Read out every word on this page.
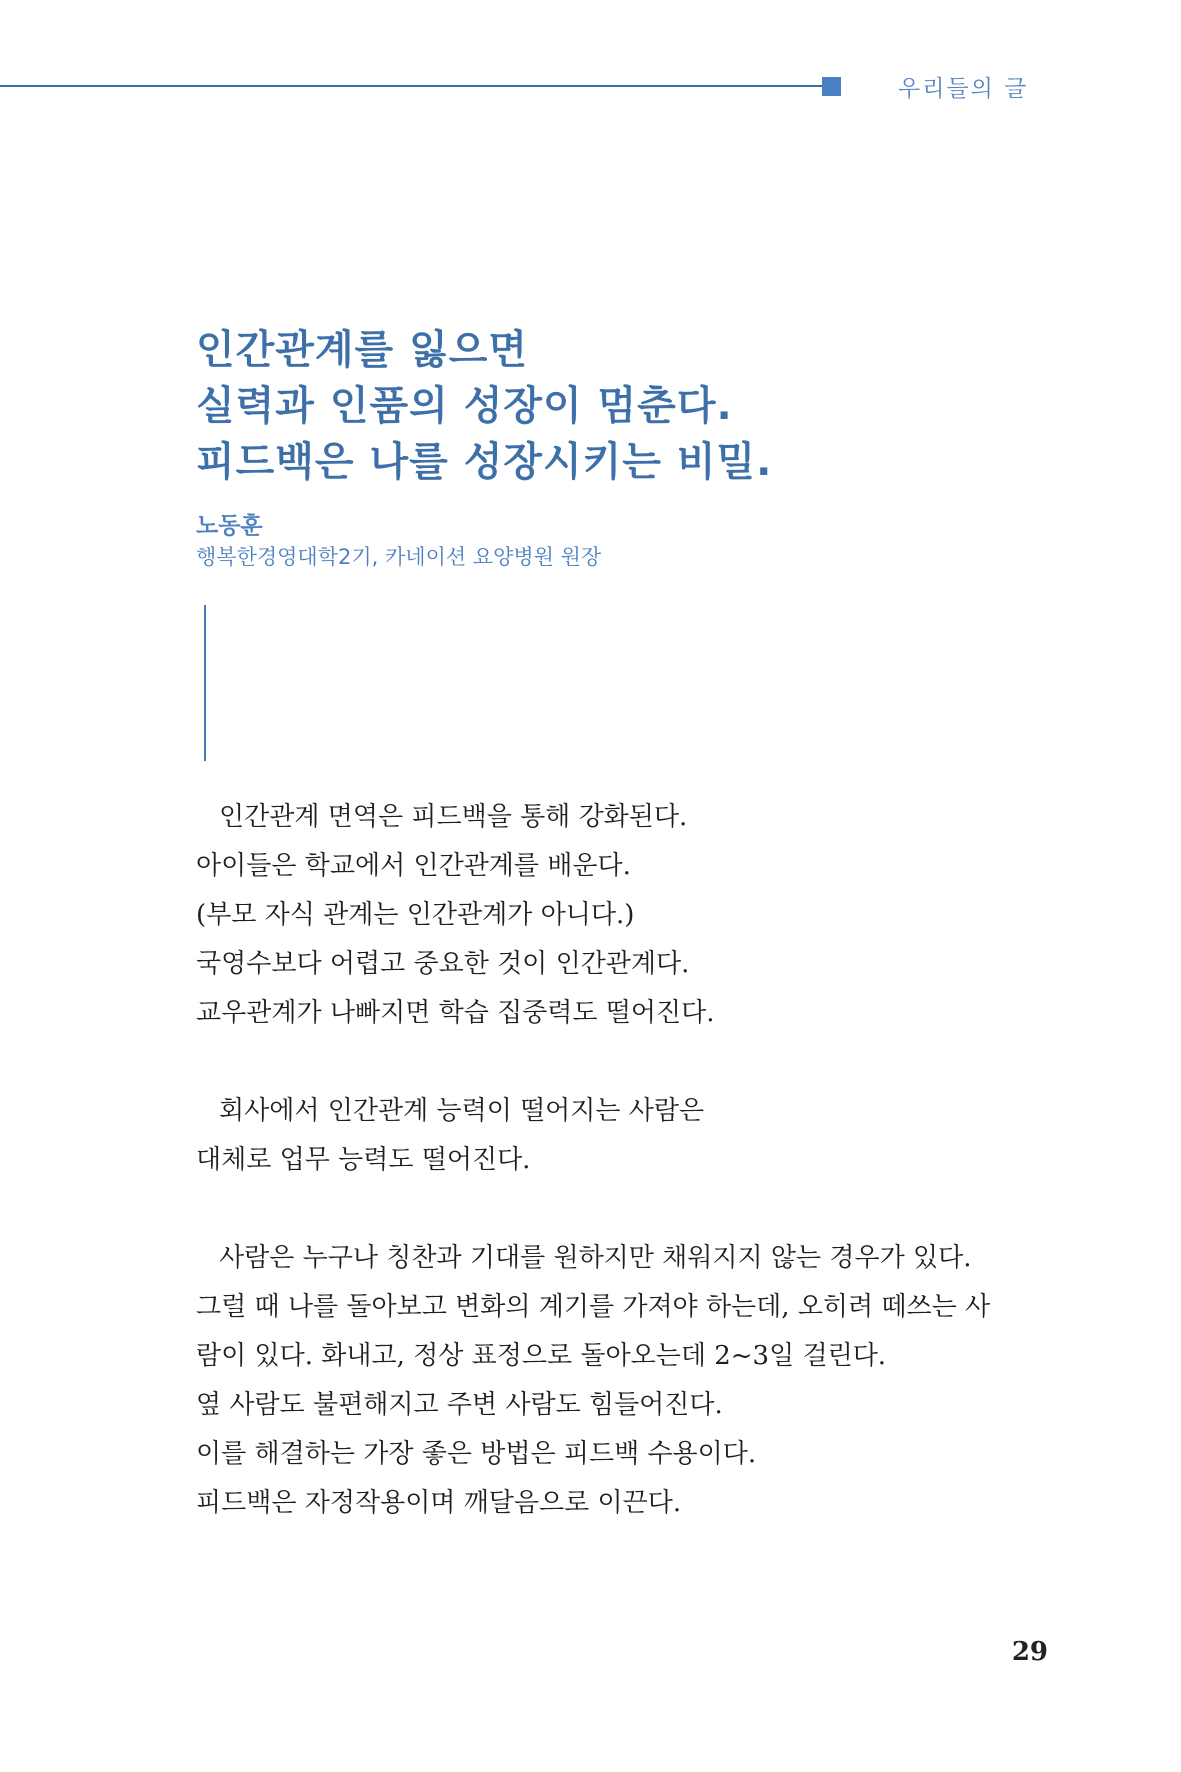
우리들의 글
인간관계를 잃으면
실력과 인품의 성장이 멈춘다.
피드백은 나를 성장시키는 비밀.
노동훈
행복한경영대학2기, 카네이션 요양병원 원장
인간관계 면역은 피드백을 통해 강화된다.
아이들은 학교에서 인간관계를 배운다.
(부모 자식 관계는 인간관계가 아니다.)
국영수보다 어렵고 중요한 것이 인간관계다.
교우관계가 나빠지면 학습 집중력도 떨어진다.
회사에서 인간관계 능력이 떨어지는 사람은
대체로 업무 능력도 떨어진다.
사람은 누구나 칭찬과 기대를 원하지만 채워지지 않는 경우가 있다.
그럴 때 나를 돌아보고 변화의 계기를 가져야 하는데, 오히려 떼쓰는 사
람이 있다. 화내고, 정상 표정으로 돌아오는데 2~3일 걸린다.
옆 사람도 불편해지고 주변 사람도 힘들어진다.
이를 해결하는 가장 좋은 방법은 피드백 수용이다.
피드백은 자정작용이며 깨달음으로 이끈다.
29
